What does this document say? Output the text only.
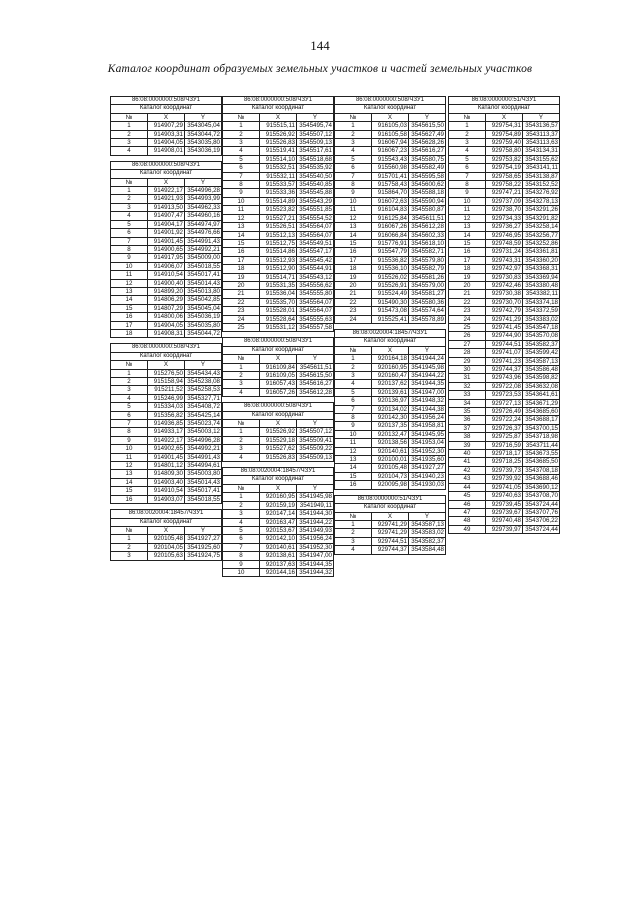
144
Каталог координат образуемых земельных участков и частей земельных участков
86:08:0000000:508/ЧЗУ1		
Каталог координат		
№	X	Y
1	914907,29	3543045,04
2	914903,31	3543044,72
3	914904,05	3543035,80
4	914908,01	3543036,19
86:08:0000000:508/ЧЗУ1		
Каталог координат		
№	X	Y
1	914922,17	3544996,28
2	914921,93	3544993,99
3	914913,50	3544962,33
4	914907,47	3544960,16
5	914904,17	3544974,97
6	914901,92	3544976,66
7	914901,45	3544991,43
8	914900,65	3544992,21
9	914917,95	3545009,00
10	914906,07	3545018,55
11	914910,54	3545017,41
12	914900,40	3545014,43
13	914899,20	3545013,80
14	914806,29	3545042,85
15	914807,29	3545045,04
16	914800,06	3545036,19
17	914904,05	3545035,80
18	914908,31	3545044,72
86:08:0000000:508/ЧЗУ1		
Каталог координат		
№	X	Y
1	915276,50	3545434,43
2	915158,94	3545238,08
3	915211,52	3545258,53
4	915246,99	3545327,71
5	915334,03	3545408,72
6	915356,82	3545425,14
7	914936,85	3545023,74
8	914933,17	3545003,12
9	914922,17	3544996,28
10	914902,65	3544992,21
11	914901,45	3544991,43
12	914801,12	3544994,61
13	914809,30	3545003,80
14	914903,40	3545014,43
15	914910,54	3545017,41
16	914903,07	3545018,55
86:08:0020004:18457/ЧЗУ1		
Каталог координат		
№	X	Y
1	920105,48	3541927,27
2	920104,05	3541925,60
3	920105,63	3541924,75
86:08:0000000:508/ЧЗУ1		
Каталог координат		
№	X	Y
1	915515,11	3545495,74
2	915526,92	3545507,12
3	915526,83	3545509,13
4	915519,41	3545517,61
5	915514,10	3545518,68
6	915532,51	3545535,92
7	915532,11	3545540,50
8	915533,57	3545540,85
9	915533,36	3545545,88
10	915514,89	3545543,29
11	915523,82	3545551,85
12	915527,21	3545554,52
13	915526,51	3545564,07
14	915512,13	3545564,07
15	915512,75	3545549,51
16	915514,86	3545547,17
17	915512,93	3545545,42
18	915512,90	3545544,91
19	915514,71	3545543,12
20	915531,35	3545556,62
21	915536,04	3545555,80
22	915535,70	3545564,07
23	915528,01	3545564,07
24	915528,64	3545555,63
25	915531,12	3545557,58
86:08:0000000:508/ЧЗУ1		
Каталог координат		
№	X	Y
1	916109,84	3545611,51
2	916109,05	3545615,50
3	916057,43	3545616,27
4	916057,26	3545612,28
86:08:0000000:508/ЧЗУ1		
Каталог координат		
№	X	Y
1	915526,92	3545507,12
2	915529,18	3545509,41
3	915527,62	3545509,22
4	915526,83	3545509,13
86:08:0020004:18457/ЧЗУ1		
Каталог координат		
№	X	Y
1	920160,95	3541945,98
2	920159,19	3541949,11
3	920147,14	3541944,30
4	920163,47	3541944,22
5	920153,67	3541949,93
6	920142,10	3541956,24
7	920140,61	3541952,30
8	920138,61	3541947,00
9	920137,63	3541944,35
10	920144,16	3541944,32
86:08:0000000:508/ЧЗУ1		
Каталог координат		
№	X	Y
1	916105,03	3545615,50
2	916105,58	3545627,49
3	916067,94	3545628,26
4	916067,23	3545616,27
5	915543,43	3545580,75
6	915560,98	3545582,49
7	915701,41	3545595,58
8	915758,43	3545600,62
9	915864,70	3545588,18
10	916072,63	3545590,94
11	916104,83	3545580,87
12	916125,84	3545611,51
13	916067,26	3545612,28
14	916066,84	3545602,33
15	915776,91	3545618,10
16	915547,79	3545582,71
17	915536,82	3545579,80
18	915536,10	3545582,79
19	915526,02	3545581,26
20	915526,91	3545579,00
21	915524,49	3545581,27
22	915490,30	3545580,36
23	915473,08	3545574,64
24	915525,41	3545578,89
86:08:0020004:18457/ЧЗУ1		
Каталог координат		
№	X	Y
1	920164,18	3541944,24
2	920160,95	3541945,98
3	920160,47	3541944,22
4	920137,62	3541944,35
5	920139,61	3541947,00
6	920136,97	3541948,32
7	920134,02	3541944,38
8	920142,30	3541956,24
9	920137,35	3541958,81
10	920132,47	3541945,95
11	920138,56	3541953,04
12	920140,61	3541952,30
13	920100,01	3541935,60
14	920105,48	3541927,27
15	920104,73	3541940,23
16	920095,98	3541930,03
86:08:0000000:51/ЧЗУ1		
Каталог координат		
№	X	Y
1	929741,29	3543587,13
2	929741,29	3543583,02
3	929744,51	3543582,37
4	929744,37	3543584,48
86:08:0000000:51/ЧЗУ1		
Каталог координат		
№	X	Y
1	929754,31	3543136,57
2	929754,89	3543113,37
3	929759,40	3543113,63
4	929758,80	3543134,31
5	929753,82	3543155,62
6	929754,19	3543141,11
7	929758,65	3543138,87
8	929758,22	3543152,52
9	929747,21	3543276,92
10	929737,09	3543278,13
11	929738,70	3543291,26
12	929734,33	3543291,82
13	929736,27	3543258,14
14	929746,95	3543256,77
15	929748,59	3543252,86
16	929731,24	3543361,81
17	929743,31	3543360,20
18	929742,97	3543368,31
19	929730,83	3543369,94
20	929742,46	3543380,48
21	929730,38	3543382,11
22	929730,70	3543374,18
23	929742,79	3543372,59
24	929741,29	3543383,02
25	929741,45	3543547,18
26	929744,90	3543570,08
27	929744,51	3543582,37
28	929741,07	3543599,42
29	929741,23	3543587,13
30	929744,37	3543586,48
31	929743,96	3543598,82
32	929722,08	3543632,08
33	929723,53	3543641,61
34	929727,13	3543671,29
35	929726,49	3543685,60
36	929722,24	3543688,17
37	929726,37	3543700,15
38	929725,87	3543718,98
39	929716,59	3543711,44
40	929718,17	3543673,55
41	929718,25	3543685,50
42	929739,73	3543708,18
43	929739,92	3543688,46
44	929741,05	3543690,12
45	929740,63	3543708,70
46	929739,45	3543724,44
47	929739,67	3543707,76
48	929740,48	3543706,22
49	929739,97	3543724,44
